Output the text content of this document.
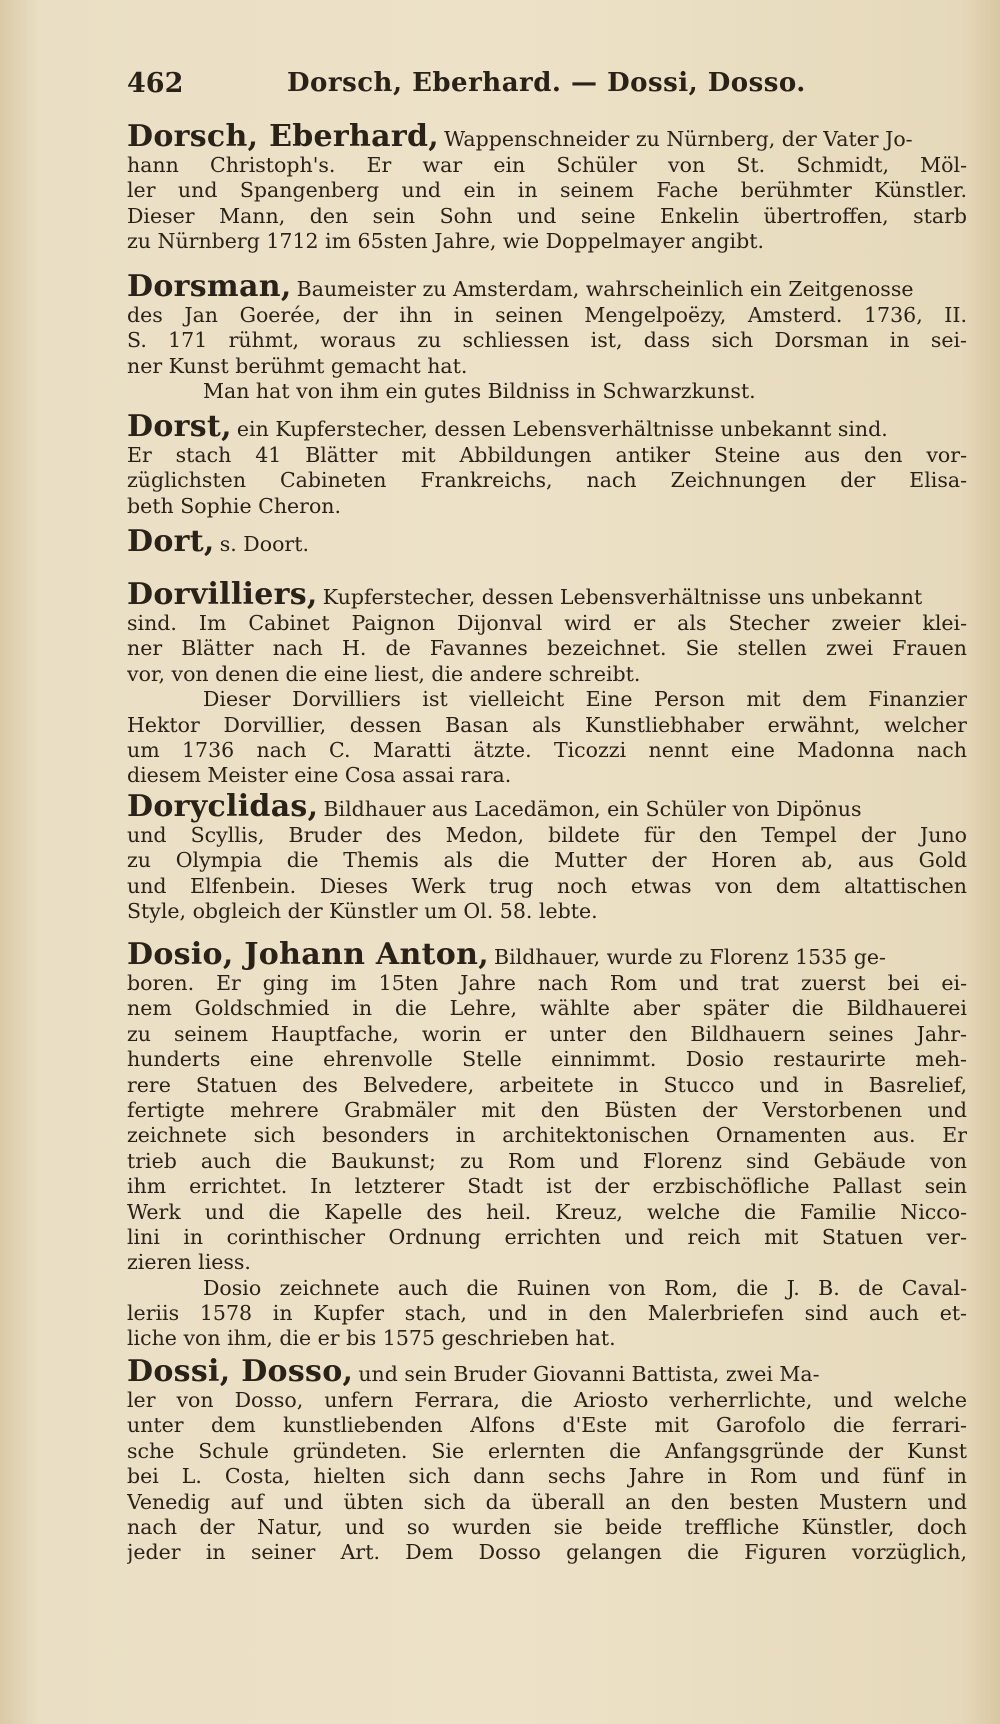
462	Dorsch, Eberhard. — Dossi, Dosso.
Dorsch, Eberhard, Wappenschneider zu Nürnberg, der Vater Jo-
hann Christoph's. Er war ein Schüler von St. Schmidt, Möl-
ler und Spangenberg und ein in seinem Fache berühmter Künstler.
Dieser Mann, den sein Sohn und seine Enkelin übertroffen, starb
zu Nürnberg 1712 im 65sten Jahre, wie Doppelmayer angibt.
Dorsman, Baumeister zu Amsterdam, wahrscheinlich ein Zeitgenosse
des Jan Goerée, der ihn in seinen Mengelpoëzy, Amsterd. 1736, II.
S. 171 rühmt, woraus zu schliessen ist, dass sich Dorsman in sei-
ner Kunst berühmt gemacht hat.
Man hat von ihm ein gutes Bildniss in Schwarzkunst.
Dorst, ein Kupferstecher, dessen Lebensverhältnisse unbekannt sind.
Er stach 41 Blätter mit Abbildungen antiker Steine aus den vor-
züglichsten Cabineten Frankreichs, nach Zeichnungen der Elisa-
beth Sophie Cheron.
Dort, s. Doort.
Dorvilliers, Kupferstecher, dessen Lebensverhältnisse uns unbekannt
sind. Im Cabinet Paignon Dijonval wird er als Stecher zweier klei-
ner Blätter nach H. de Favannes bezeichnet. Sie stellen zwei Frauen
vor, von denen die eine liest, die andere schreibt.
Dieser Dorvilliers ist vielleicht Eine Person mit dem Finanzier
Hektor Dorvillier, dessen Basan als Kunstliebhaber erwähnt, welcher
um 1736 nach C. Maratti ätzte. Ticozzi nennt eine Madonna nach
diesem Meister eine Cosa assai rara.
Doryclidas, Bildhauer aus Lacedämon, ein Schüler von Dipönus
und Scyllis, Bruder des Medon, bildete für den Tempel der Juno
zu Olympia die Themis als die Mutter der Horen ab, aus Gold
und Elfenbein. Dieses Werk trug noch etwas von dem altattischen
Style, obgleich der Künstler um Ol. 58. lebte.
Dosio, Johann Anton, Bildhauer, wurde zu Florenz 1535 ge-
boren. Er ging im 15ten Jahre nach Rom und trat zuerst bei ei-
nem Goldschmied in die Lehre, wählte aber später die Bildhauerei
zu seinem Hauptfache, worin er unter den Bildhauern seines Jahr-
hunderts eine ehrenvolle Stelle einnimmt. Dosio restaurirte meh-
rere Statuen des Belvedere, arbeitete in Stucco und in Basrelief,
fertigte mehrere Grabmäler mit den Büsten der Verstorbenen und
zeichnete sich besonders in architektonischen Ornamenten aus. Er
trieb auch die Baukunst; zu Rom und Florenz sind Gebäude von
ihm errichtet. In letzterer Stadt ist der erzbischöfliche Pallast sein
Werk und die Kapelle des heil. Kreuz, welche die Familie Nicco-
lini in corinthischer Ordnung errichten und reich mit Statuen ver-
zieren liess.
Dosio zeichnete auch die Ruinen von Rom, die J. B. de Caval-
leriis 1578 in Kupfer stach, und in den Malerbriefen sind auch et-
liche von ihm, die er bis 1575 geschrieben hat.
Dossi, Dosso, und sein Bruder Giovanni Battista, zwei Ma-
ler von Dosso, unfern Ferrara, die Ariosto verherrlichte, und welche
unter dem kunstliebenden Alfons d'Este mit Garofolo die ferrari-
sche Schule gründeten. Sie erlernten die Anfangsgründe der Kunst
bei L. Costa, hielten sich dann sechs Jahre in Rom und fünf in
Venedig auf und übten sich da überall an den besten Mustern und
nach der Natur, und so wurden sie beide treffliche Künstler, doch
jeder in seiner Art. Dem Dosso gelangen die Figuren vorzüglich,
